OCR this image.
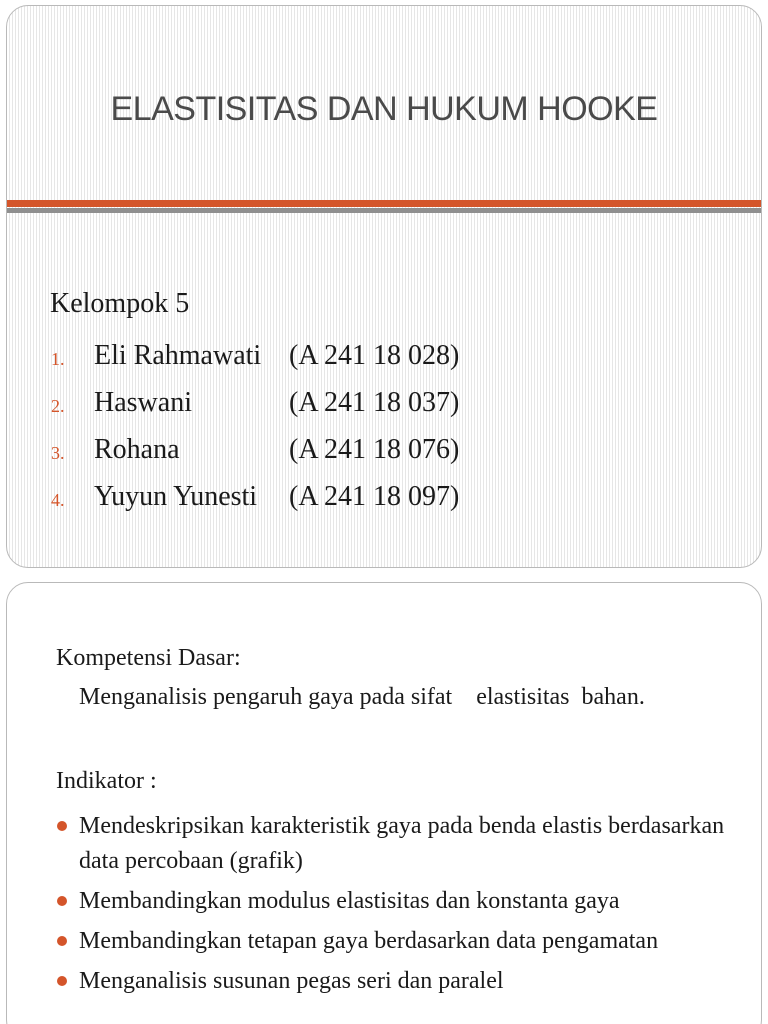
ELASTISITAS DAN HUKUM HOOKE
Kelompok 5
1. Eli Rahmawati (A 241 18 028)
2. Haswani	(A 241 18 037)
3. Rohana	(A 241 18 076)
4. Yuyun Yunesti (A 241 18 097)
Kompetensi Dasar:
Menganalisis pengaruh gaya pada sifat    elastisitas  bahan.
Indikator :
Mendeskripsikan karakteristik gaya pada benda elastis berdasarkan data percobaan (grafik)
Membandingkan modulus elastisitas dan konstanta gaya
Membandingkan tetapan gaya berdasarkan data pengamatan
Menganalisis susunan pegas seri dan paralel
